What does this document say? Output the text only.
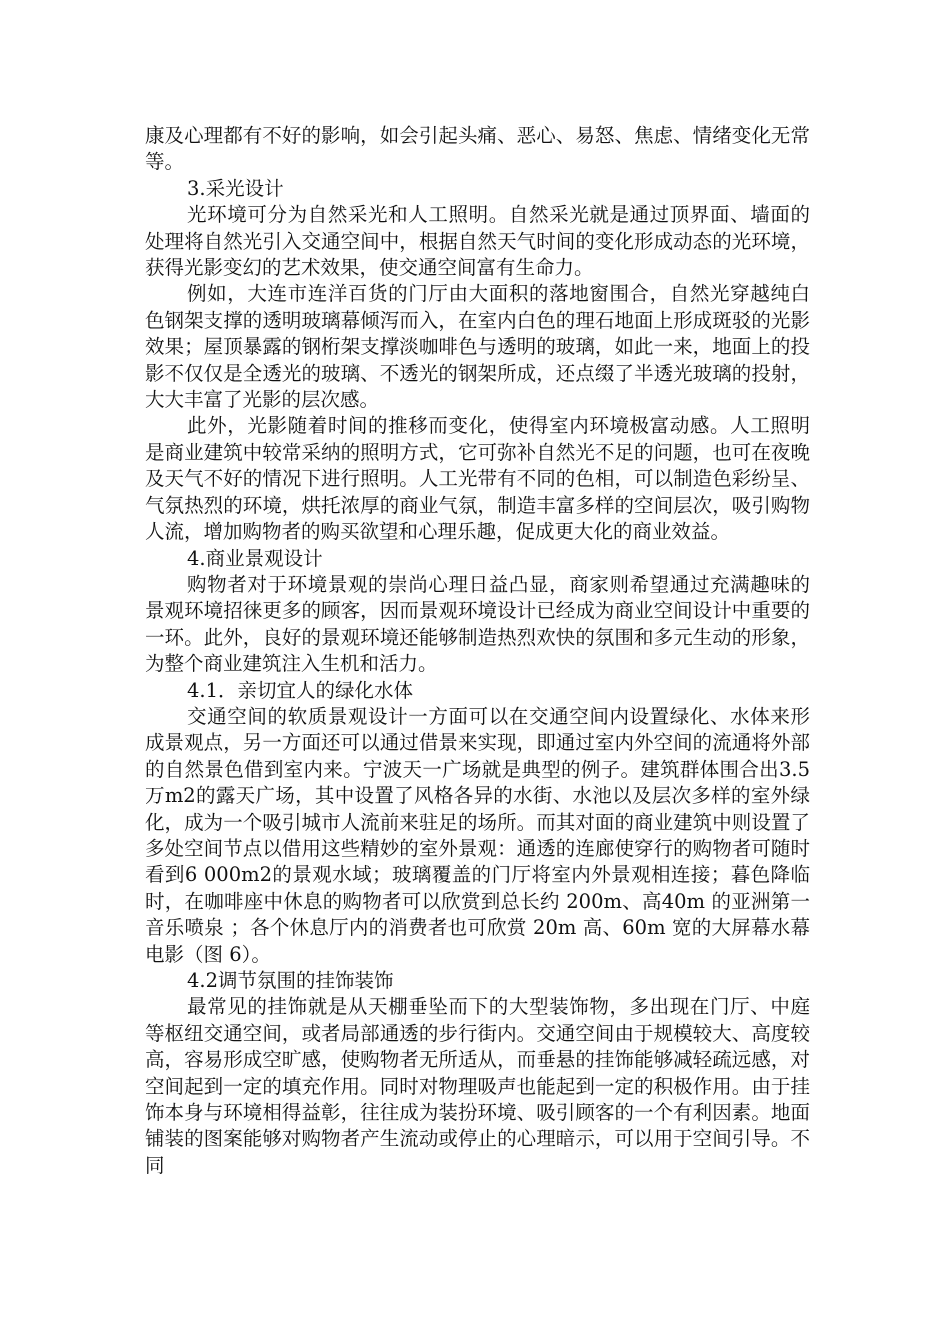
康及心理都有不好的影响，如会引起头痛、恶心、易怒、焦虑、情绪变化无常等。

3.采光设计

光环境可分为自然采光和人工照明。自然采光就是通过顶界面、墙面的处理将自然光引入交通空间中，根据自然天气时间的变化形成动态的光环境，获得光影变幻的艺术效果，使交通空间富有生命力。

例如，大连市连洋百货的门厅由大面积的落地窗围合，自然光穿越纯白色钢架支撑的透明玻璃幕倾泻而入，在室内白色的理石地面上形成斑驳的光影效果；屋顶暴露的钢桁架支撑淡咖啡色与透明的玻璃，如此一来，地面上的投影不仅仅是全透光的玻璃、不透光的钢架所成，还点缀了半透光玻璃的投射，大大丰富了光影的层次感。

此外，光影随着时间的推移而变化，使得室内环境极富动感。人工照明是商业建筑中较常采纳的照明方式，它可弥补自然光不足的问题，也可在夜晚及天气不好的情况下进行照明。人工光带有不同的色相，可以制造色彩纷呈、气氛热烈的环境，烘托浓厚的商业气氛，制造丰富多样的空间层次，吸引购物人流，增加购物者的购买欲望和心理乐趣，促成更大化的商业效益。

4.商业景观设计

购物者对于环境景观的崇尚心理日益凸显，商家则希望通过充满趣味的景观环境招徕更多的顾客，因而景观环境设计已经成为商业空间设计中重要的一环。此外，良好的景观环境还能够制造热烈欢快的氛围和多元生动的形象，为整个商业建筑注入生机和活力。

4.1．亲切宜人的绿化水体

交通空间的软质景观设计一方面可以在交通空间内设置绿化、水体来形成景观点，另一方面还可以通过借景来实现，即通过室内外空间的流通将外部的自然景色借到室内来。宁波天一广场就是典型的例子。建筑群体围合出3.5万m2的露天广场，其中设置了风格各异的水街、水池以及层次多样的室外绿化，成为一个吸引城市人流前来驻足的场所。而其对面的商业建筑中则设置了多处空间节点以借用这些精妙的室外景观：通透的连廊使穿行的购物者可随时看到6 000m2的景观水域；玻璃覆盖的门厅将室内外景观相连接；暮色降临时，在咖啡座中休息的购物者可以欣赏到总长约 200m、高40m 的亚洲第一音乐喷泉 ；各个休息厅内的消费者也可欣赏 20m 高、60m 宽的大屏幕水幕电影（图 6）。

4.2调节氛围的挂饰装饰

最常见的挂饰就是从天棚垂坠而下的大型装饰物，多出现在门厅、中庭等枢纽交通空间，或者局部通透的步行街内。交通空间由于规模较大、高度较高，容易形成空旷感，使购物者无所适从，而垂悬的挂饰能够减轻疏远感，对空间起到一定的填充作用。同时对物理吸声也能起到一定的积极作用。由于挂饰本身与环境相得益彰，往往成为装扮环境、吸引顾客的一个有利因素。地面铺装的图案能够对购物者产生流动或停止的心理暗示，可以用于空间引导。不同
